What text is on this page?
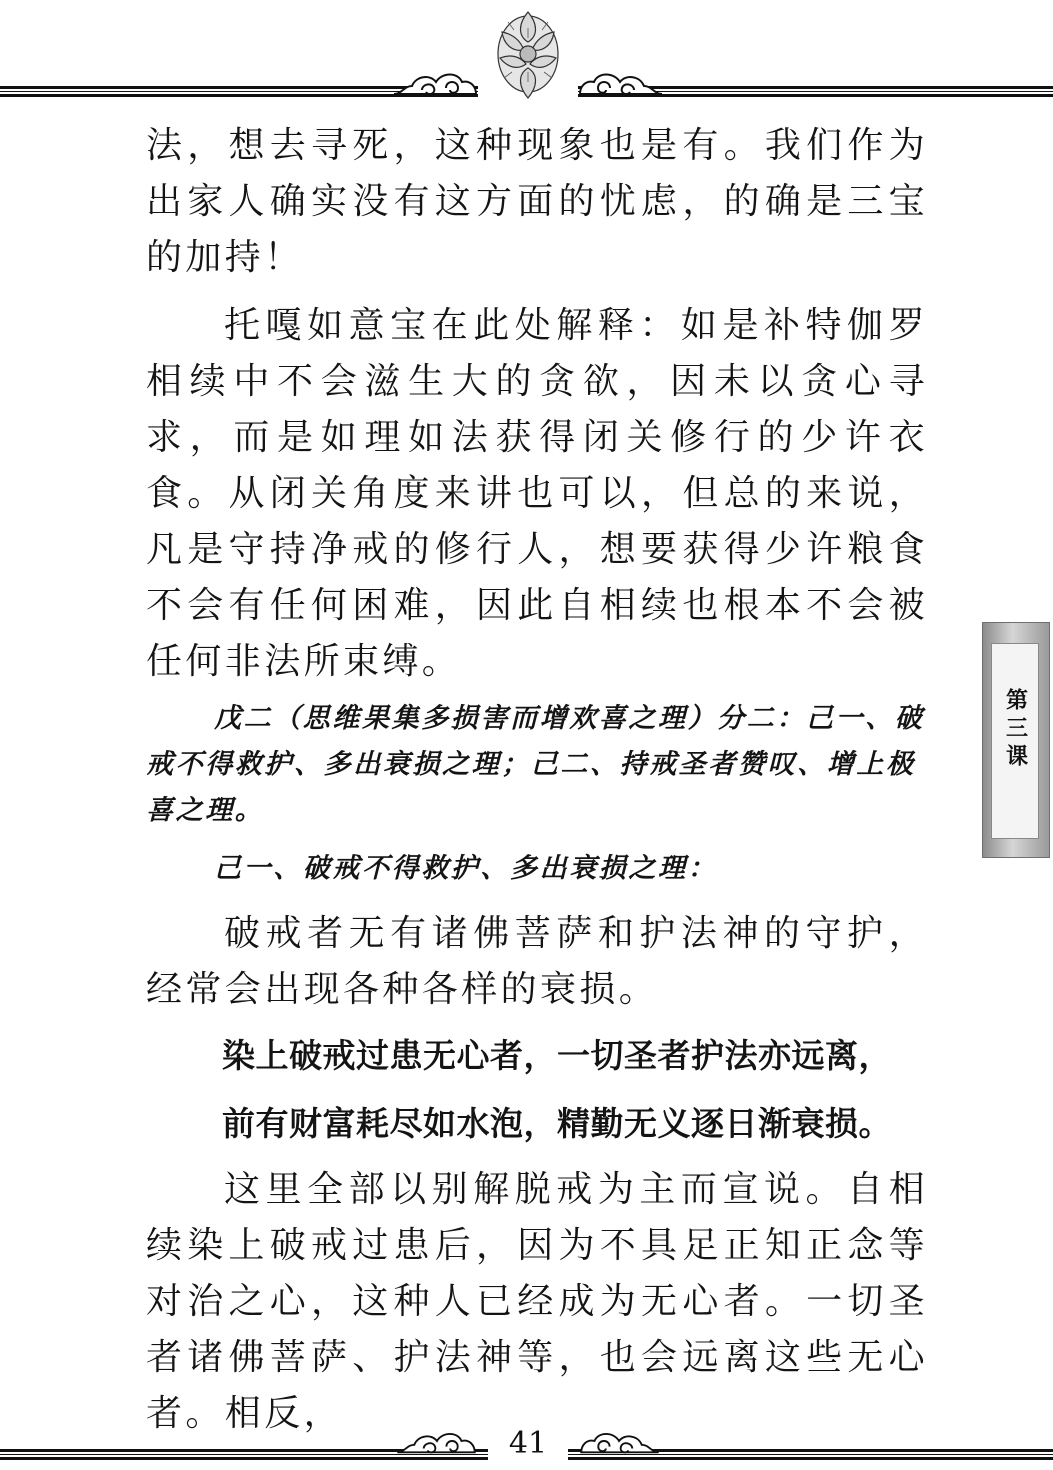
法，想去寻死，这种现象也是有。我们作为出家人确实没有这方面的忧虑，的确是三宝的加持！

托嘎如意宝在此处解释：如是补特伽罗相续中不会滋生大的贪欲，因未以贪心寻求，而是如理如法获得闭关修行的少许衣食。从闭关角度来讲也可以，但总的来说，凡是守持净戒的修行人，想要获得少许粮食不会有任何困难，因此自相续也根本不会被任何非法所束缚。

戊二（思维果集多损害而增欢喜之理）分二：己一、破戒不得救护、多出衰损之理；己二、持戒圣者赞叹、增上极喜之理。

己一、破戒不得救护、多出衰损之理：

破戒者无有诸佛菩萨和护法神的守护，经常会出现各种各样的衰损。

染上破戒过患无心者，一切圣者护法亦远离，

前有财富耗尽如水泡，精勤无义逐日渐衰损。

这里全部以别解脱戒为主而宣说。自相续染上破戒过患后，因为不具足正知正念等对治之心，这种人已经成为无心者。一切圣者诸佛菩萨、护法神等，也会远离这些无心者。相反，

第三课
41
